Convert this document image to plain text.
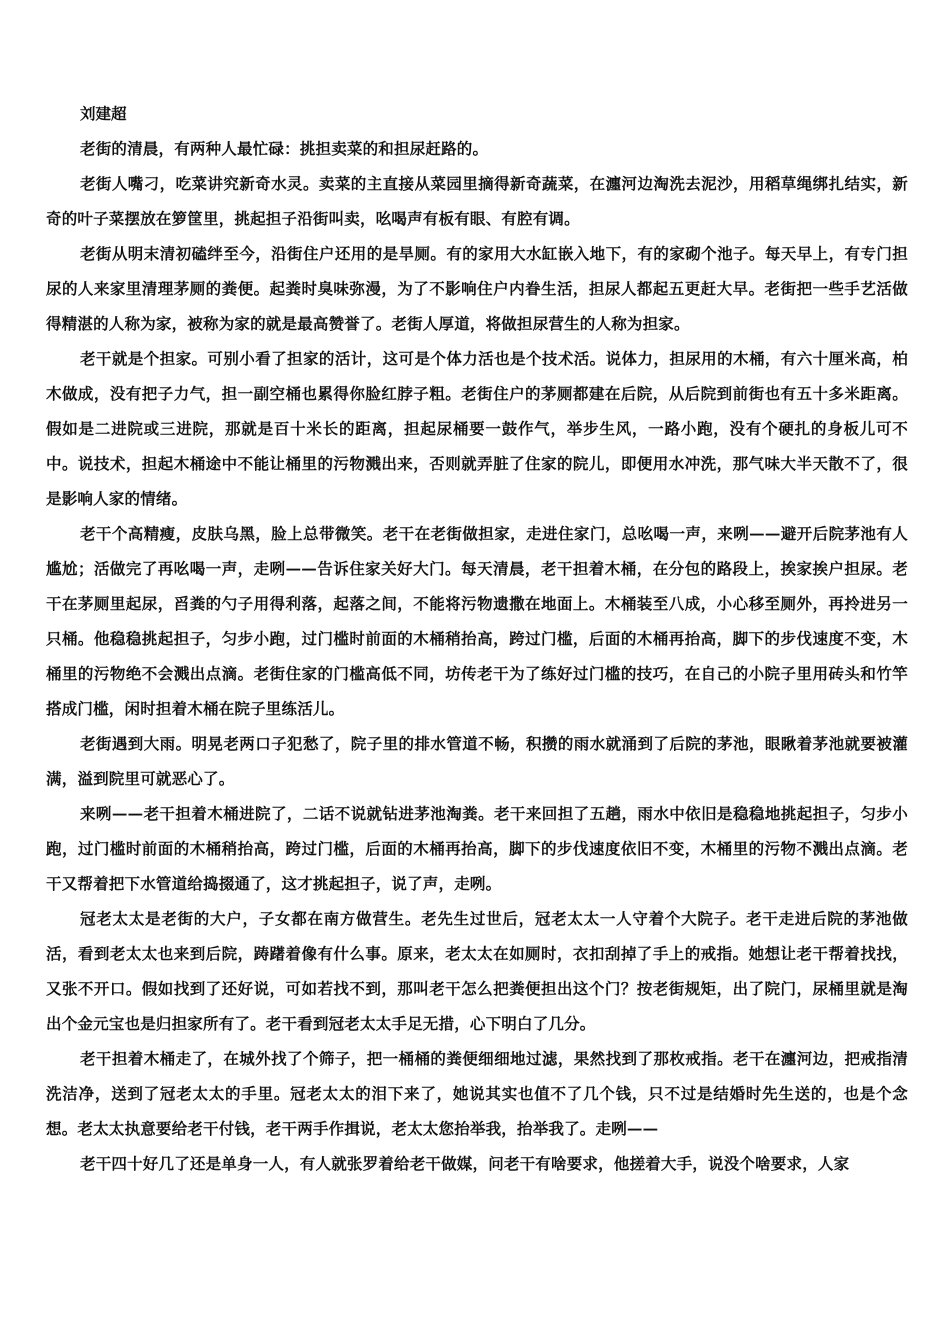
刘建超

老街的清晨，有两种人最忙碌：挑担卖菜的和担尿赶路的。

老街人嘴刁，吃菜讲究新奇水灵。卖菜的主直接从菜园里摘得新奇蔬菜，在瀍河边淘洗去泥沙，用稻草绳绑扎结实，新奇的叶子菜摆放在箩筐里，挑起担子沿街叫卖，吆喝声有板有眼、有腔有调。

老街从明末清初磕绊至今，沿街住户还用的是旱厕。有的家用大水缸嵌入地下，有的家砌个池子。每天早上，有专门担尿的人来家里清理茅厕的粪便。起粪时臭味弥漫，为了不影响住户内眷生活，担尿人都起五更赶大早。老街把一些手艺活做得精湛的人称为家，被称为家的就是最高赞誉了。老街人厚道，将做担尿营生的人称为担家。

老干就是个担家。可别小看了担家的活计，这可是个体力活也是个技术活。说体力，担尿用的木桶，有六十厘米高，柏木做成，没有把子力气，担一副空桶也累得你脸红脖子粗。老街住户的茅厕都建在后院，从后院到前街也有五十多米距离。假如是二进院或三进院，那就是百十米长的距离，担起尿桶要一鼓作气，举步生风，一路小跑，没有个硬扎的身板儿可不中。说技术，担起木桶途中不能让桶里的污物溅出来，否则就弄脏了住家的院儿，即便用水冲洗，那气味大半天散不了，很是影响人家的情绪。

老干个高精瘦，皮肤乌黑，脸上总带微笑。老干在老街做担家，走进住家门，总吆喝一声，来咧——避开后院茅池有人尴尬；活做完了再吆喝一声，走咧——告诉住家关好大门。每天清晨，老干担着木桶，在分包的路段上，挨家挨户担尿。老干在茅厕里起尿，舀粪的勺子用得利落，起落之间，不能将污物遗撒在地面上。木桶装至八成，小心移至厕外，再拎进另一只桶。他稳稳挑起担子，匀步小跑，过门槛时前面的木桶稍抬高，跨过门槛，后面的木桶再抬高，脚下的步伐速度不变，木桶里的污物绝不会溅出点滴。老街住家的门槛高低不同，坊传老干为了练好过门槛的技巧，在自己的小院子里用砖头和竹竿搭成门槛，闲时担着木桶在院子里练活儿。

老街遇到大雨。明晃老两口子犯愁了，院子里的排水管道不畅，积攒的雨水就涌到了后院的茅池，眼瞅着茅池就要被灌满，溢到院里可就恶心了。

来咧——老干担着木桶进院了，二话不说就钻进茅池淘粪。老干来回担了五趟，雨水中依旧是稳稳地挑起担子，匀步小跑，过门槛时前面的木桶稍抬高，跨过门槛，后面的木桶再抬高，脚下的步伐速度依旧不变，木桶里的污物不溅出点滴。老干又帮着把下水管道给捣掇通了，这才挑起担子，说了声，走咧。

冠老太太是老街的大户，子女都在南方做营生。老先生过世后，冠老太太一人守着个大院子。老干走进后院的茅池做活，看到老太太也来到后院，踌躇着像有什么事。原来，老太太在如厕时，衣扣刮掉了手上的戒指。她想让老干帮着找找，又张不开口。假如找到了还好说，可如若找不到，那叫老干怎么把粪便担出这个门？按老街规矩，出了院门，尿桶里就是淘出个金元宝也是归担家所有了。老干看到冠老太太手足无措，心下明白了几分。

老干担着木桶走了，在城外找了个筛子，把一桶桶的粪便细细地过滤，果然找到了那枚戒指。老干在瀍河边，把戒指清洗洁净，送到了冠老太太的手里。冠老太太的泪下来了，她说其实也值不了几个钱，只不过是结婚时先生送的，也是个念想。老太太执意要给老干付钱，老干两手作揖说，老太太您抬举我，抬举我了。走咧——

老干四十好几了还是单身一人，有人就张罗着给老干做媒，问老干有啥要求，他搓着大手，说没个啥要求，人家
